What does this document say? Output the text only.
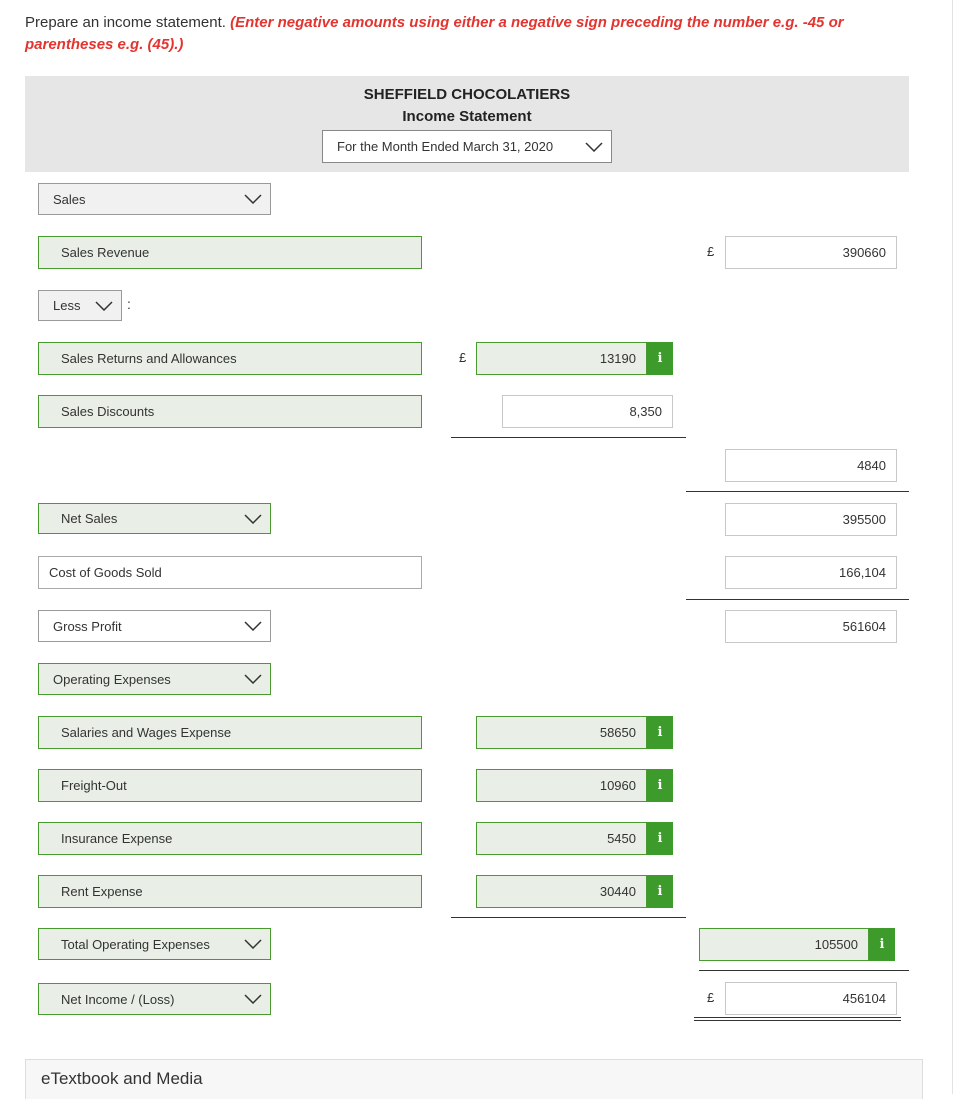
Prepare an income statement. (Enter negative amounts using either a negative sign preceding the number e.g. -45 or parentheses e.g. (45).)
SHEFFIELD CHOCOLATIERS
Income Statement
For the Month Ended March 31, 2020
Sales
Sales Revenue	£	390660
Less	:
Sales Returns and Allowances	£	13190	i
Sales Discounts	8,350
4840
Net Sales	395500
Cost of Goods Sold	166,104
Gross Profit	561604
Operating Expenses
Salaries and Wages Expense	58650	i
Freight-Out	10960	i
Insurance Expense	5450	i
Rent Expense	30440	i
Total Operating Expenses	105500	i
Net Income / (Loss)	£	456104
eTextbook and Media
